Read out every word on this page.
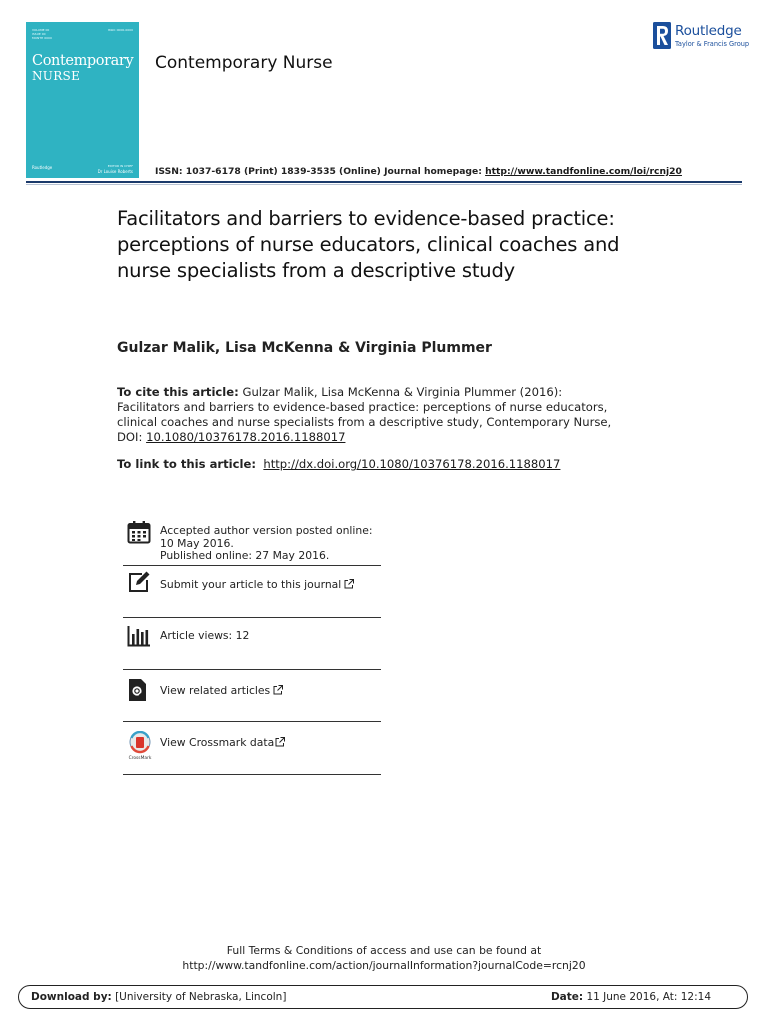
VOLUME 00
ISSUE 00
MONTH 0000
ISSN: 0000-0000
Contemporary
NURSE
EDITOR IN CHIEF
Dr Louise Roberts
Routledge
Contemporary Nurse
Routledge
Taylor & Francis Group
ISSN: 1037-6178 (Print) 1839-3535 (Online) Journal homepage: http://www.tandfonline.com/loi/rcnj20
Facilitators and barriers to evidence-based practice: perceptions of nurse educators, clinical coaches and nurse specialists from a descriptive study
Gulzar Malik, Lisa McKenna & Virginia Plummer
To cite this article: Gulzar Malik, Lisa McKenna & Virginia Plummer (2016): Facilitators and barriers to evidence-based practice: perceptions of nurse educators, clinical coaches and nurse specialists from a descriptive study, Contemporary Nurse, DOI: 10.1080/10376178.2016.1188017
To link to this article: http://dx.doi.org/10.1080/10376178.2016.1188017
Accepted author version posted online: 10 May 2016.
Published online: 27 May 2016.
Submit your article to this journal
Article views: 12
View related articles
CrossMark
View Crossmark data
Full Terms & Conditions of access and use can be found at
http://www.tandfonline.com/action/journalInformation?journalCode=rcnj20
Download by: [University of Nebraska, Lincoln]	Date: 11 June 2016, At: 12:14
